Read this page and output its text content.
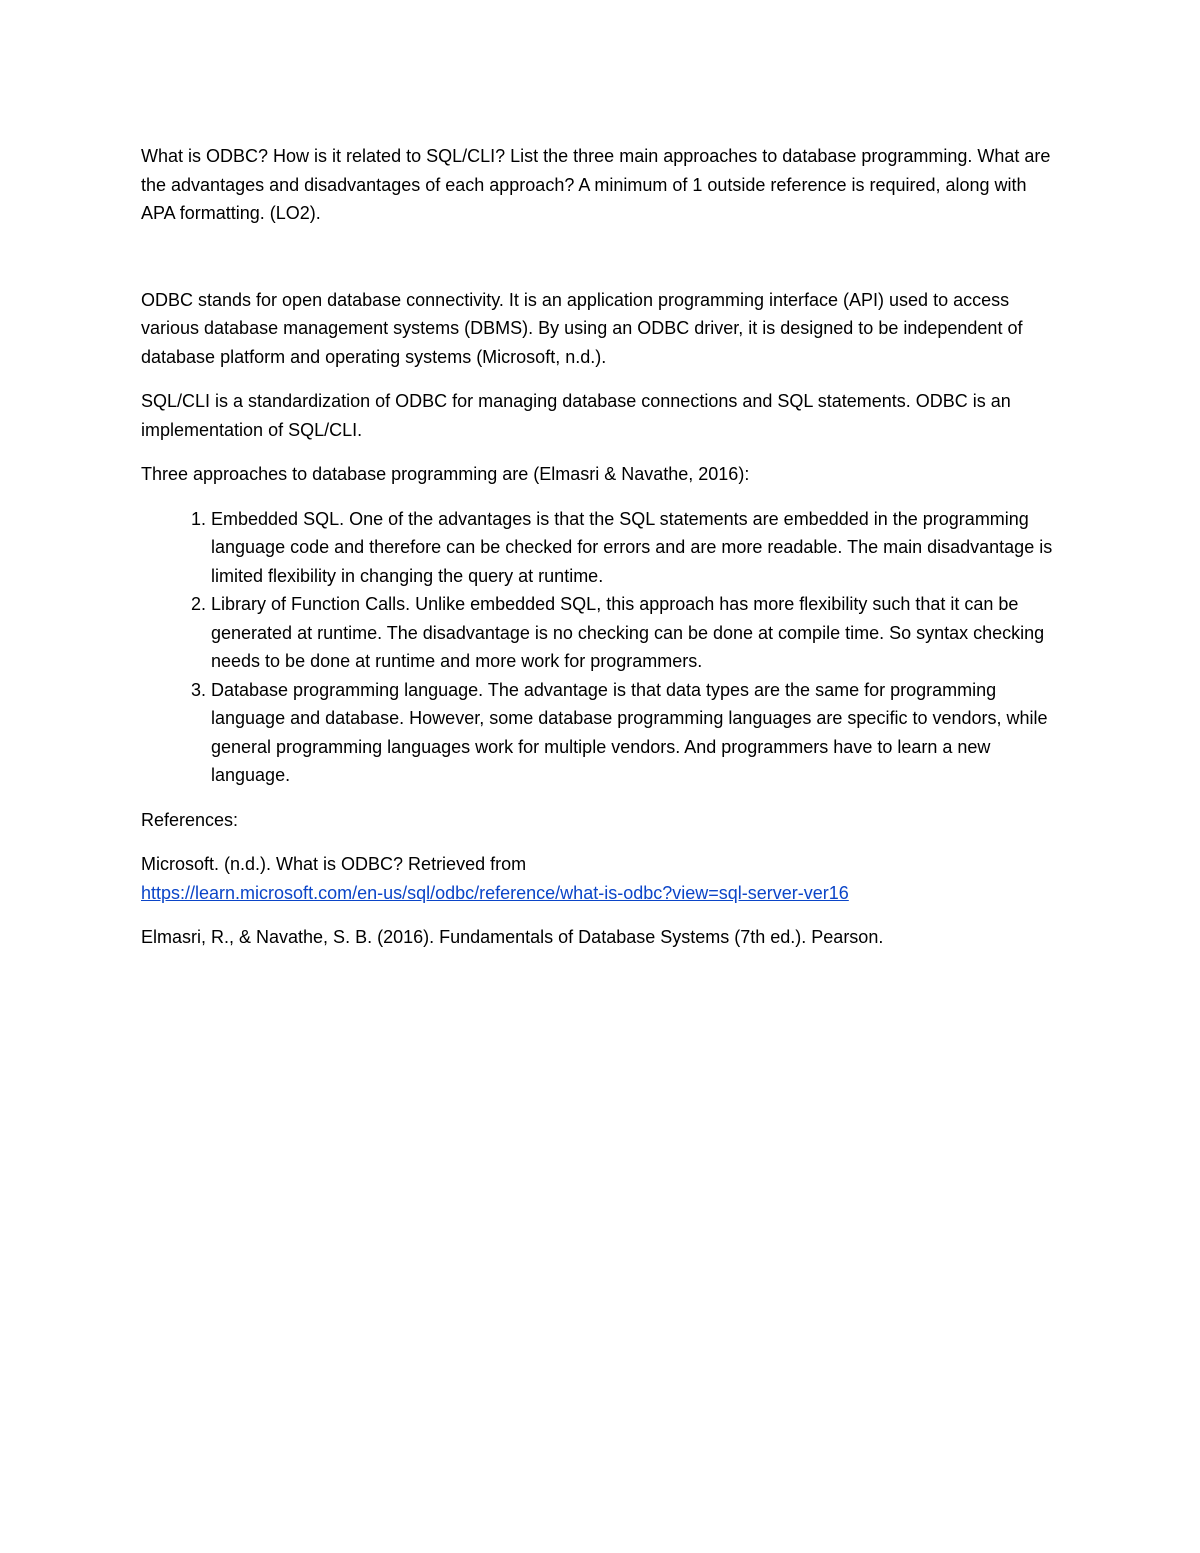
What is ODBC? How is it related to SQL/CLI? List the three main approaches to database programming. What are the advantages and disadvantages of each approach? A minimum of 1 outside reference is required, along with APA formatting. (LO2).

ODBC stands for open database connectivity. It is an application programming interface (API) used to access various database management systems (DBMS). By using an ODBC driver, it is designed to be independent of database platform and operating systems (Microsoft, n.d.).

SQL/CLI is a standardization of ODBC for managing database connections and SQL statements. ODBC is an implementation of SQL/CLI.

Three approaches to database programming are (Elmasri & Navathe, 2016):

1. Embedded SQL. One of the advantages is that the SQL statements are embedded in the programming language code and therefore can be checked for errors and are more readable. The main disadvantage is limited flexibility in changing the query at runtime.
2. Library of Function Calls. Unlike embedded SQL, this approach has more flexibility such that it can be generated at runtime. The disadvantage is no checking can be done at compile time. So syntax checking needs to be done at runtime and more work for programmers.
3. Database programming language. The advantage is that data types are the same for programming language and database. However, some database programming languages are specific to vendors, while general programming languages work for multiple vendors. And programmers have to learn a new language.

References:

Microsoft. (n.d.). What is ODBC? Retrieved from
https://learn.microsoft.com/en-us/sql/odbc/reference/what-is-odbc?view=sql-server-ver16

Elmasri, R., & Navathe, S. B. (2016). Fundamentals of Database Systems (7th ed.). Pearson.
